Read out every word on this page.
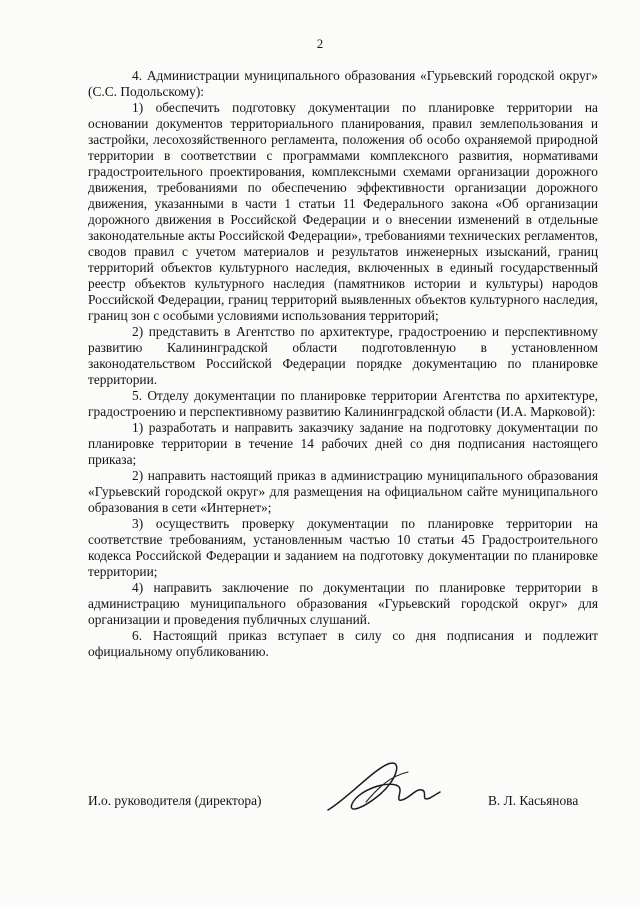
2

4. Администрации муниципального образования «Гурьевский городской округ» (С.С. Подольскому):

1) обеспечить подготовку документации по планировке территории на основании документов территориального планирования, правил землепользования и застройки, лесохозяйственного регламента, положения об особо охраняемой природной территории в соответствии с программами комплексного развития, нормативами градостроительного проектирования, комплексными схемами организации дорожного движения, требованиями по обеспечению эффективности организации дорожного движения, указанными в части 1 статьи 11 Федерального закона «Об организации дорожного движения в Российской Федерации и о внесении изменений в отдельные законодательные акты Российской Федерации», требованиями технических регламентов, сводов правил с учетом материалов и результатов инженерных изысканий, границ территорий объектов культурного наследия, включенных в единый государственный реестр объектов культурного наследия (памятников истории и культуры) народов Российской Федерации, границ территорий выявленных объектов культурного наследия, границ зон с особыми условиями использования территорий;

2) представить в Агентство по архитектуре, градостроению и перспективному развитию Калининградской области подготовленную в установленном законодательством Российской Федерации порядке документацию по планировке территории.

5. Отделу документации по планировке территории Агентства по архитектуре, градостроению и перспективному развитию Калининградской области (И.А. Марковой):

1) разработать и направить заказчику задание на подготовку документации по планировке территории в течение 14 рабочих дней со дня подписания настоящего приказа;

2) направить настоящий приказ в администрацию муниципального образования «Гурьевский городской округ» для размещения на официальном сайте муниципального образования в сети «Интернет»;

3) осуществить проверку документации по планировке территории на соответствие требованиям, установленным частью 10 статьи 45 Градостроительного кодекса Российской Федерации и заданием на подготовку документации по планировке территории;

4) направить заключение по документации по планировке территории в администрацию муниципального образования «Гурьевский городской округ» для организации и проведения публичных слушаний.

6. Настоящий приказ вступает в силу со дня подписания и подлежит официальному опубликованию.

И.о. руководителя (директора)	В. Л. Касьянова
